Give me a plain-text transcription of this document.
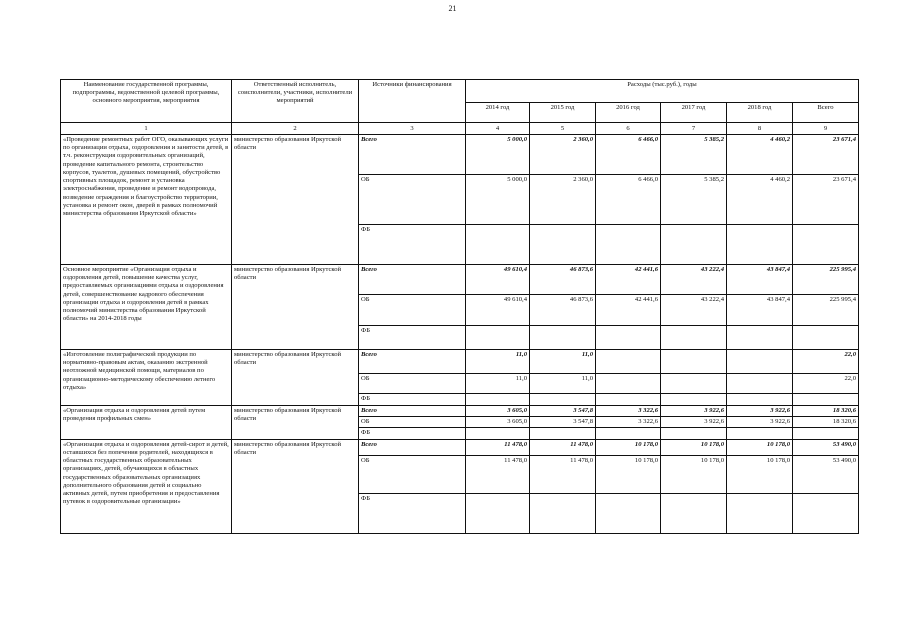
21
Наименование государственной программы, подпрограммы, ведомственной целевой программы, основного мероприятия, мероприятия	Ответственный исполнитель, соисполнители, участники, исполнители мероприятий	Источники финансирования	Расходы (тыс.руб.), годы					
			2014 год	2015 год	2016 год	2017 год	2018 год	Всего
1	2	3	4	5	6	7	8	9
«Проведение ремонтных работ ОГО, оказывающих услуги по организации отдыха, оздоровления и занятости детей, в т.ч. реконструкция оздоровительных организаций, проведение капитального ремонта, строительство корпусов, туалетов, душевых помещений, обустройство спортивных площадок, ремонт и установка электроснабжения, проведение и ремонт водопровода, возведение ограждения и благоустройство территории, установка и ремонт окон, дверей в рамках полномочий министерства образования Иркутской области»	министерство образования Иркутской области	Всего	5 000,0	2 360,0	6 466,0	5 385,2	4 460,2	23 671,4
		ОБ	5 000,0	2 360,0	6 466,0	5 385,2	4 460,2	23 671,4
		ФБ						
Основное мероприятие «Организация отдыха и оздоровления детей, повышение качества услуг, предоставляемых организациями отдыха и оздоровления детей, совершенствование кадрового обеспечения организации отдыха и оздоровления детей в рамках полномочий министерства образования Иркутской области» на 2014-2018 годы	министерство образования Иркутской области	Всего	49 610,4	46 873,6	42 441,6	43 222,4	43 847,4	225 995,4
		ОБ	49 610,4	46 873,6	42 441,6	43 222,4	43 847,4	225 995,4
		ФБ						
«Изготовление полиграфической продукции по нормативно-правовым актам, оказанию экстренной неотложной медицинской помощи, материалов по организационно-методическому обеспечению летнего отдыха»	министерство образования Иркутской области	Всего	11,0	11,0				22,0
		ОБ	11,0	11,0				22,0
		ФБ						
«Организация отдыха и оздоровления детей путем проведения профильных смен»	министерство образования Иркутской области	Всего	3 605,0	3 547,8	3 322,6	3 922,6	3 922,6	18 320,6
		ОБ	3 605,0	3 547,8	3 322,6	3 922,6	3 922,6	18 320,6
		ФБ						
«Организация отдыха и оздоровления детей-сирот и детей, оставшихся без попечения родителей, находящихся в областных государственных образовательных организациях, детей, обучающихся в областных государственных образовательных организациях дополнительного образования детей и социально активных детей, путем приобретения и предоставления путевок в оздоровительные организации»	министерство образования Иркутской области	Всего	11 478,0	11 478,0	10 178,0	10 178,0	10 178,0	53 490,0
		ОБ	11 478,0	11 478,0	10 178,0	10 178,0	10 178,0	53 490,0
		ФБ						
